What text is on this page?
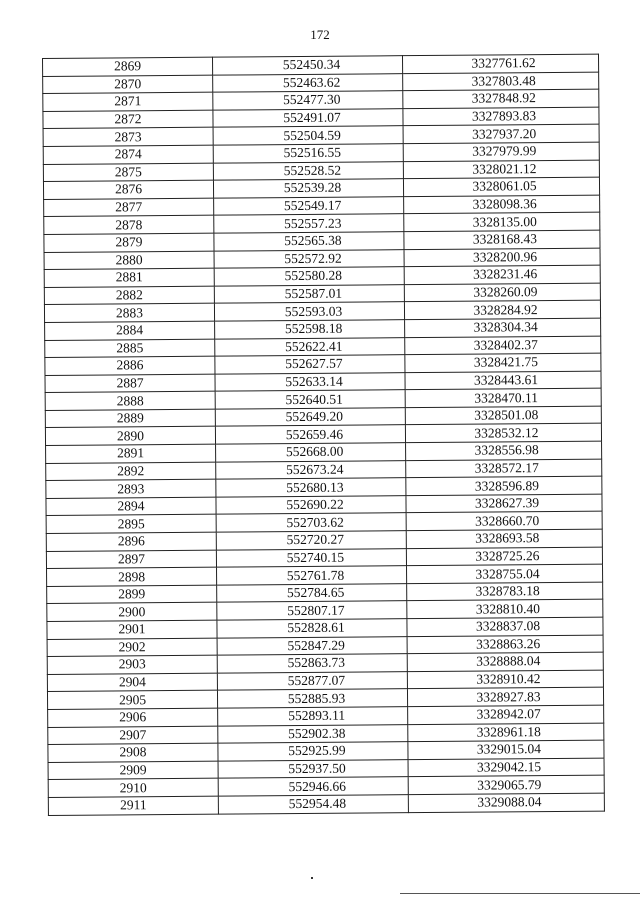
172
2869	552450.34	3327761.62
2870	552463.62	3327803.48
2871	552477.30	3327848.92
2872	552491.07	3327893.83
2873	552504.59	3327937.20
2874	552516.55	3327979.99
2875	552528.52	3328021.12
2876	552539.28	3328061.05
2877	552549.17	3328098.36
2878	552557.23	3328135.00
2879	552565.38	3328168.43
2880	552572.92	3328200.96
2881	552580.28	3328231.46
2882	552587.01	3328260.09
2883	552593.03	3328284.92
2884	552598.18	3328304.34
2885	552622.41	3328402.37
2886	552627.57	3328421.75
2887	552633.14	3328443.61
2888	552640.51	3328470.11
2889	552649.20	3328501.08
2890	552659.46	3328532.12
2891	552668.00	3328556.98
2892	552673.24	3328572.17
2893	552680.13	3328596.89
2894	552690.22	3328627.39
2895	552703.62	3328660.70
2896	552720.27	3328693.58
2897	552740.15	3328725.26
2898	552761.78	3328755.04
2899	552784.65	3328783.18
2900	552807.17	3328810.40
2901	552828.61	3328837.08
2902	552847.29	3328863.26
2903	552863.73	3328888.04
2904	552877.07	3328910.42
2905	552885.93	3328927.83
2906	552893.11	3328942.07
2907	552902.38	3328961.18
2908	552925.99	3329015.04
2909	552937.50	3329042.15
2910	552946.66	3329065.79
2911	552954.48	3329088.04
